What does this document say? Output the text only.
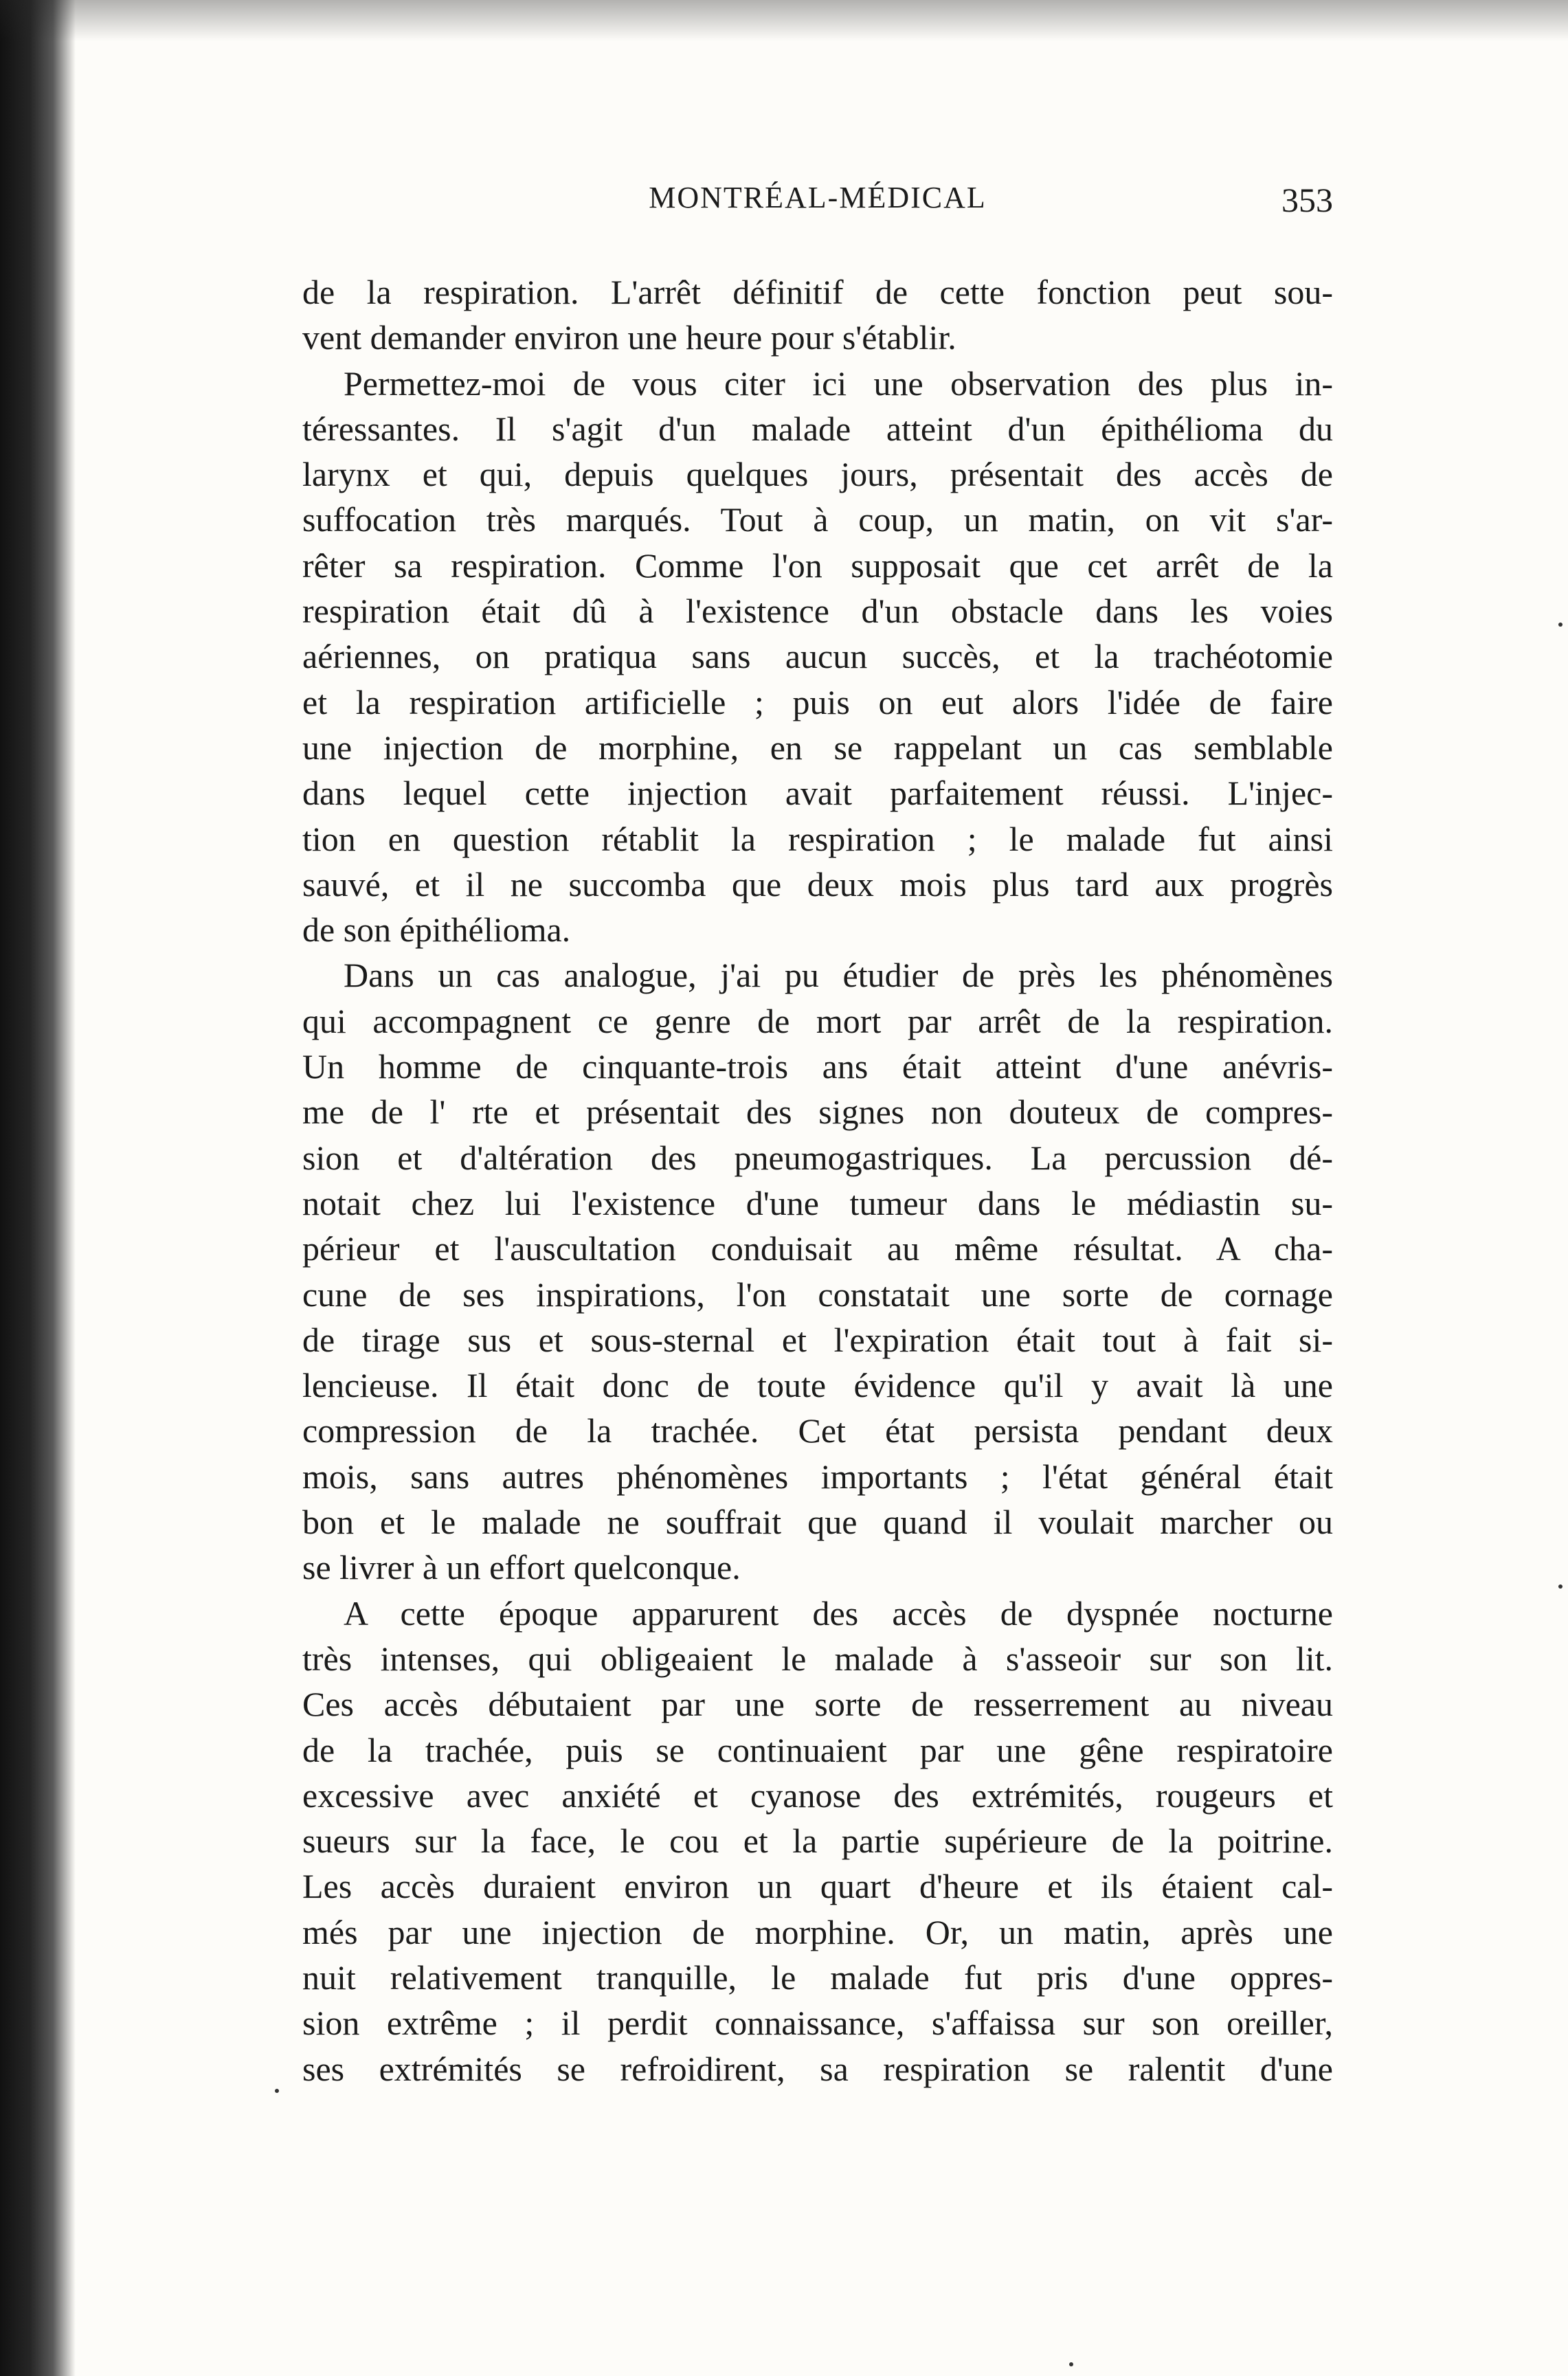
MONTRÉAL-MÉDICAL	353
de la respiration. L'arrêt définitif de cette fonction peut sou-
vent demander environ une heure pour s'établir.
Permettez-moi de vous citer ici une observation des plus in-
téressantes. Il s'agit d'un malade atteint d'un épithélioma du
larynx et qui, depuis quelques jours, présentait des accès de
suffocation très marqués. Tout à coup, un matin, on vit s'ar-
rêter sa respiration. Comme l'on supposait que cet arrêt de la
respiration était dû à l'existence d'un obstacle dans les voies
aériennes, on pratiqua sans aucun succès, et la trachéotomie
et la respiration artificielle ; puis on eut alors l'idée de faire
une injection de morphine, en se rappelant un cas semblable
dans lequel cette injection avait parfaitement réussi. L'injec-
tion en question rétablit la respiration ; le malade fut ainsi
sauvé, et il ne succomba que deux mois plus tard aux progrès
de son épithélioma.
Dans un cas analogue, j'ai pu étudier de près les phénomènes
qui accompagnent ce genre de mort par arrêt de la respiration.
Un homme de cinquante-trois ans était atteint d'une anévris-
me de l' rte et présentait des signes non douteux de compres-
sion et d'altération des pneumogastriques. La percussion dé-
notait chez lui l'existence d'une tumeur dans le médiastin su-
périeur et l'auscultation conduisait au même résultat. A cha-
cune de ses inspirations, l'on constatait une sorte de cornage
de tirage sus et sous-sternal et l'expiration était tout à fait si-
lencieuse. Il était donc de toute évidence qu'il y avait là une
compression de la trachée. Cet état persista pendant deux
mois, sans autres phénomènes importants ; l'état général était
bon et le malade ne souffrait que quand il voulait marcher ou
se livrer à un effort quelconque.
A cette époque apparurent des accès de dyspnée nocturne
très intenses, qui obligeaient le malade à s'asseoir sur son lit.
Ces accès débutaient par une sorte de resserrement au niveau
de la trachée, puis se continuaient par une gêne respiratoire
excessive avec anxiété et cyanose des extrémités, rougeurs et
sueurs sur la face, le cou et la partie supérieure de la poitrine.
Les accès duraient environ un quart d'heure et ils étaient cal-
més par une injection de morphine. Or, un matin, après une
nuit relativement tranquille, le malade fut pris d'une oppres-
sion extrême ; il perdit connaissance, s'affaissa sur son oreiller,
ses extrémités se refroidirent, sa respiration se ralentit d'une
